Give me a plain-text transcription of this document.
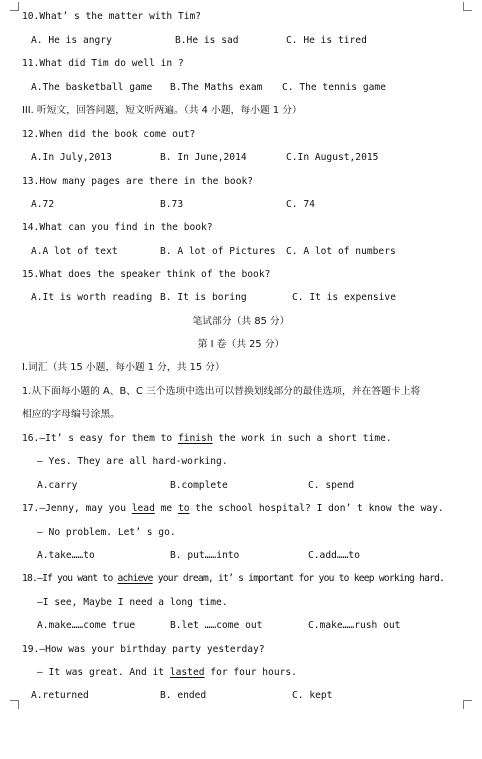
10.What’ s the matter with Tim?

A. He is angry

	B.He is sad

	C. He is tired

11.What did Tim do well in ?

A.The basketball game

B.The Maths exam

C. The tennis game

III. 听短文，回答问题，短文听两遍。（共 4 小题，每小题 1 分）

12.When did the book come out?

A.In July,2013

	B. In June,2014

	C.In August,2015

13.How many pages are there in the book?

A.72

	B.73

	C. 74

14.What can you find in the book?

A.A lot of text

	B. A lot of Pictures

C. A lot of numbers

15.What does the speaker think of the book?

A.It is worth reading

B. It is boring

	C. It is expensive

笔试部分（共 85 分）

第 I 卷（共 25 分）

Ⅰ.词汇（共 15 小题，每小题 1 分，共 15 分）

1.从下面每小题的 A、B、C 三个选项中选出可以替换划线部分的最佳选项，并在答题卡上将

相应的字母编号涂黑。

16.—It’ s easy for them to finish the work in such a short time.

— Yes. They are all hard-working.

A.carry

	B.complete

	C. spend

17.—Jenny, may you lead me to the school hospital? I don’ t know the way.

— No problem. Let’ s go.

A.take……to

	B. put……into

	C.add……to

18.—If you want to achieve your dream, it’ s important for you to keep working hard.

—I see, Maybe I need a long time.

A.make……come true

	B.let ……come out

	C.make……rush out

19.—How was your birthday party yesterday?

— It was great. And it lasted for four hours.

A.returned

	B. ended

	C. kept
